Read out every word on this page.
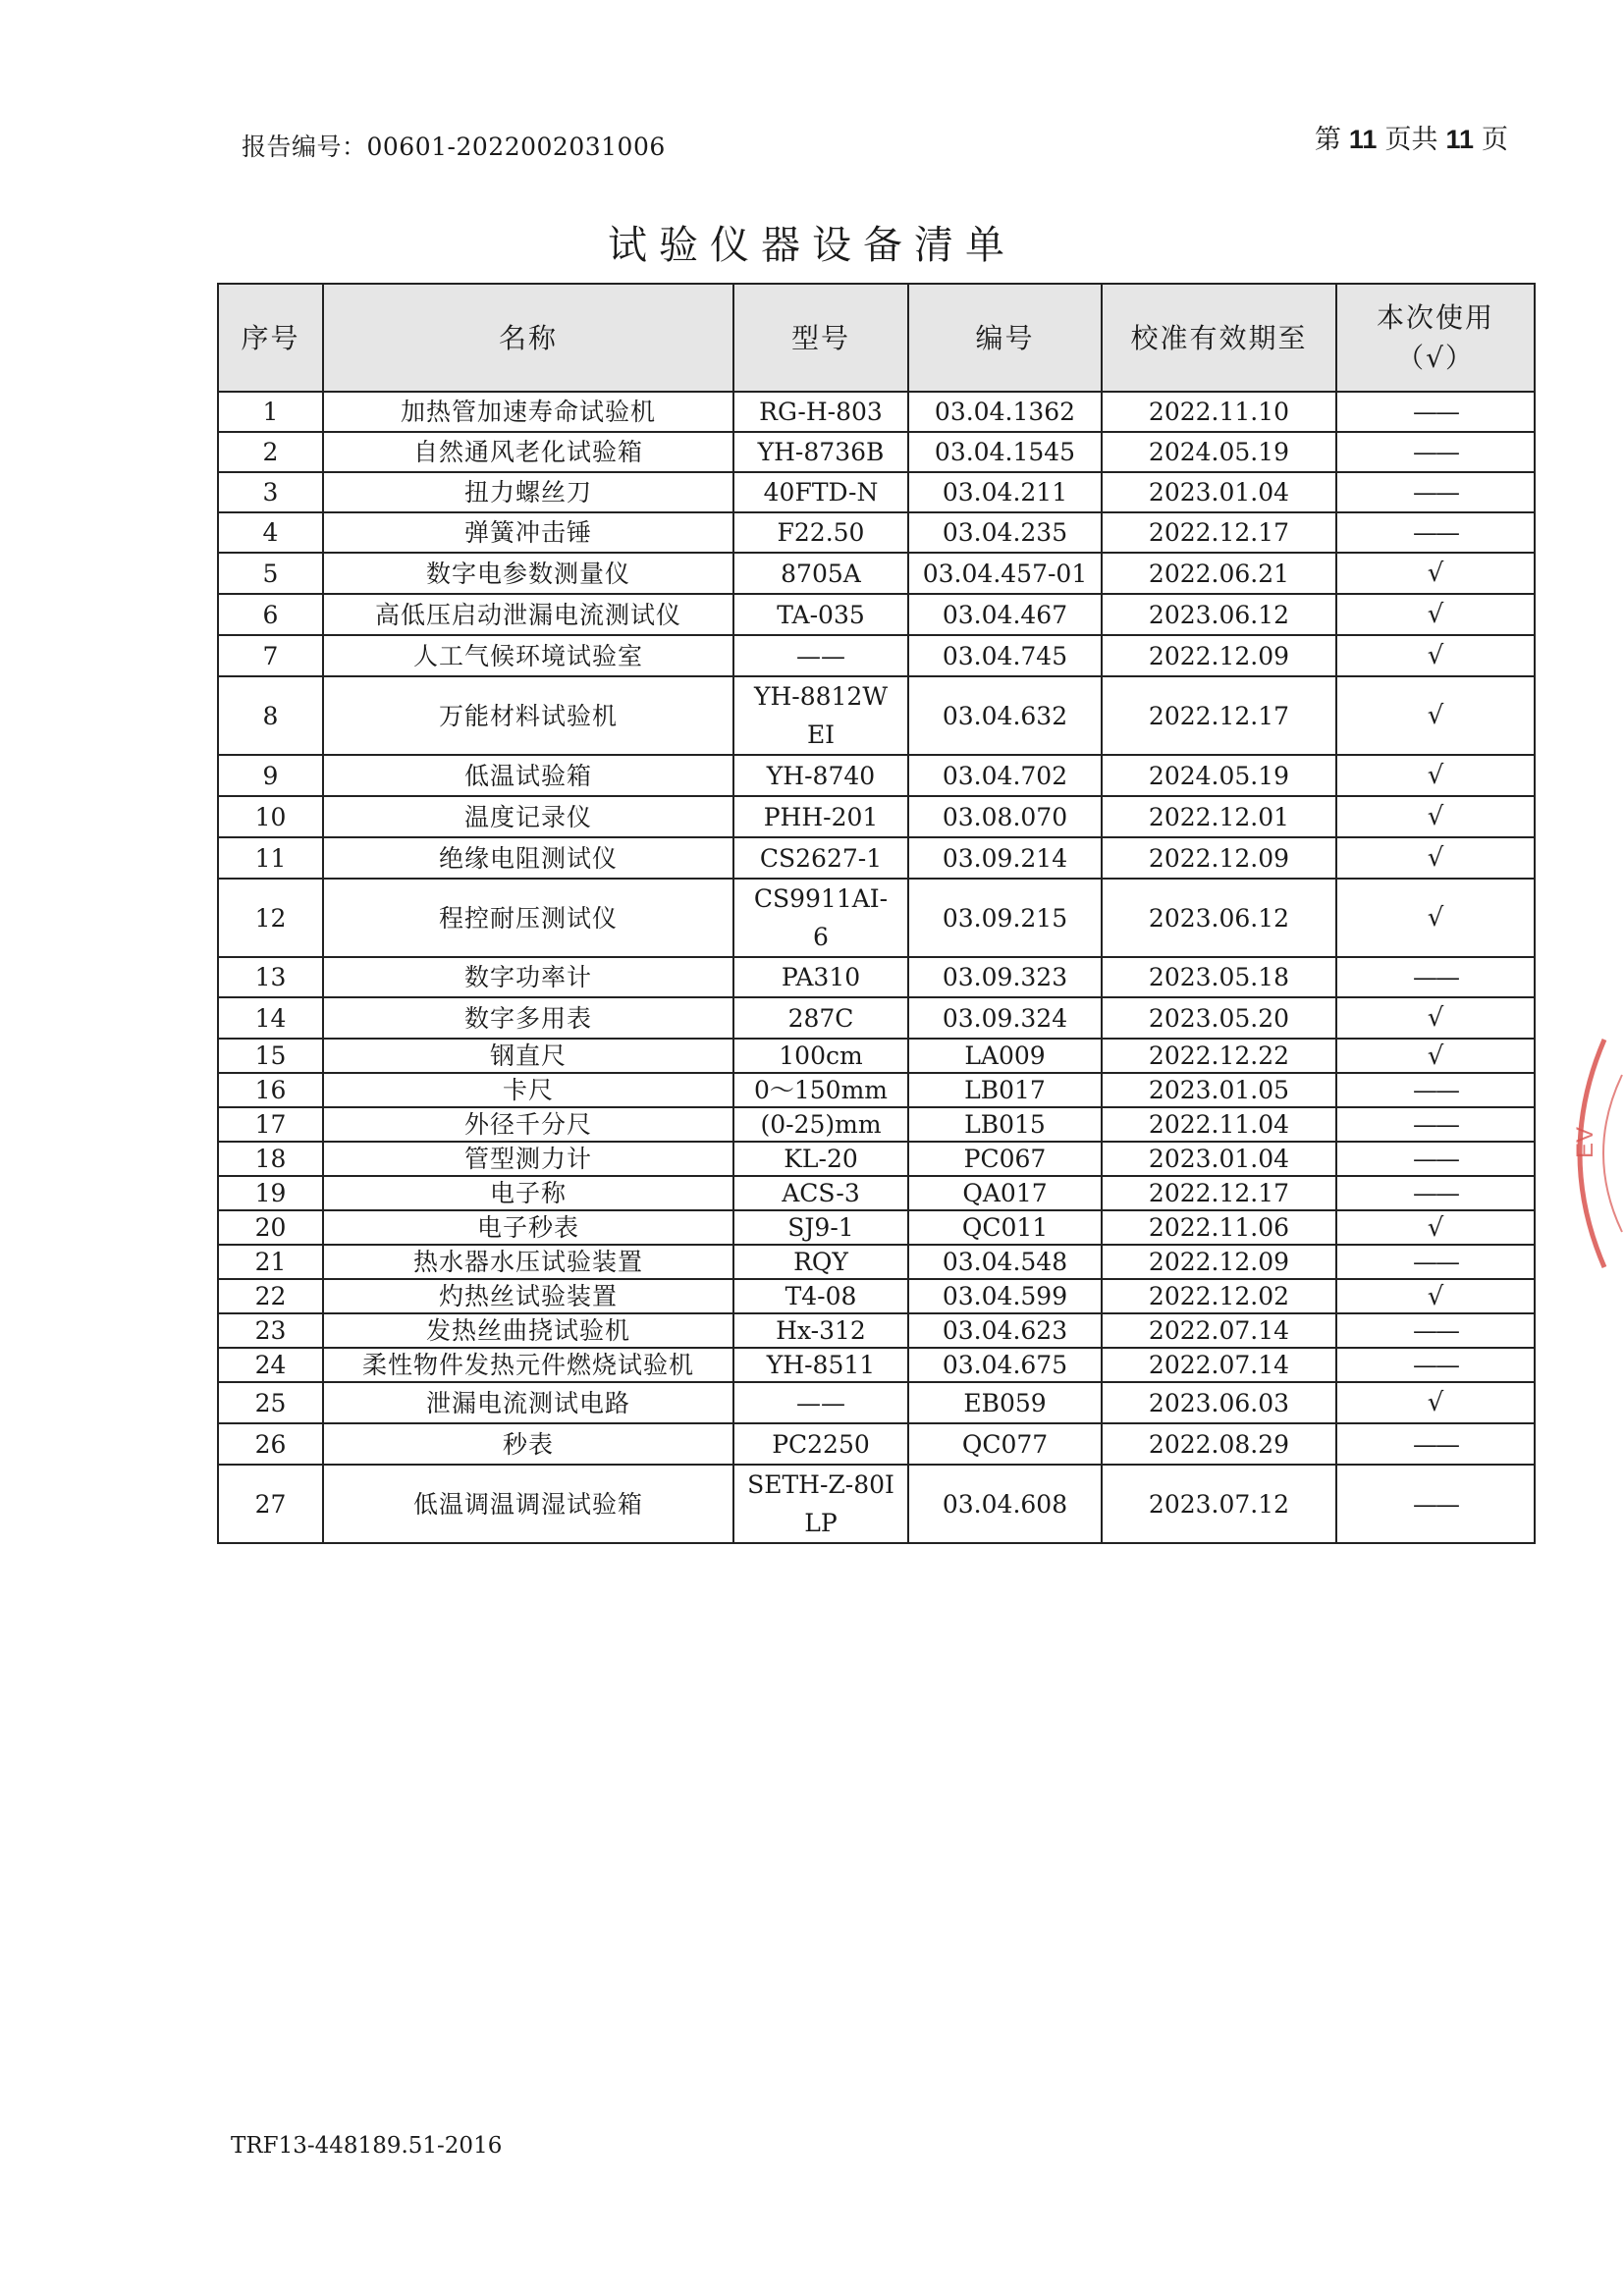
报告编号：00601-2022002031006	第 11 页共 11 页
试验仪器设备清单
序号	名称	型号	编号	校准有效期至	本次使用
（√）

1	加热管加速寿命试验机	RG-H-803	03.04.1362	2022.11.10	——
2	自然通风老化试验箱	YH-8736B	03.04.1545	2024.05.19	——
3	扭力螺丝刀	40FTD-N	03.04.211	2023.01.04	——
4	弹簧冲击锤	F22.50	03.04.235	2022.12.17	——
5	数字电参数测量仪	8705A	03.04.457-01	2022.06.21	√
6	高低压启动泄漏电流测试仪	TA-035	03.04.467	2023.06.12	√
7	人工气候环境试验室	——	03.04.745	2022.12.09	√
8	万能材料试验机	YH-8812WEI	03.04.632	2022.12.17	√
9	低温试验箱	YH-8740	03.04.702	2024.05.19	√
10	温度记录仪	PHH-201	03.08.070	2022.12.01	√
11	绝缘电阻测试仪	CS2627-1	03.09.214	2022.12.09	√
12	程控耐压测试仪	CS9911AI-6	03.09.215	2023.06.12	√
13	数字功率计	PA310	03.09.323	2023.05.18	——
14	数字多用表	287C	03.09.324	2023.05.20	√
15	钢直尺	100cm	LA009	2022.12.22	√
16	卡尺	0～150mm	LB017	2023.01.05	——
17	外径千分尺	(0-25)mm	LB015	2022.11.04	——
18	管型测力计	KL-20	PC067	2023.01.04	——
19	电子称	ACS-3	QA017	2022.12.17	——
20	电子秒表	SJ9-1	QC011	2022.11.06	√
21	热水器水压试验装置	RQY	03.04.548	2022.12.09	——
22	灼热丝试验装置	T4-08	03.04.599	2022.12.02	√
23	发热丝曲挠试验机	Hx-312	03.04.623	2022.07.14	——
24	柔性物件发热元件燃烧试验机	YH-8511	03.04.675	2022.07.14	——
25	泄漏电流测试电路	——	EB059	2023.06.03	√
26	秒表	PC2250	QC077	2022.08.29	——
27	低温调温调湿试验箱	SETH-Z-80ILP	03.04.608	2023.07.12	——
TRF13-448189.51-2016
EV
